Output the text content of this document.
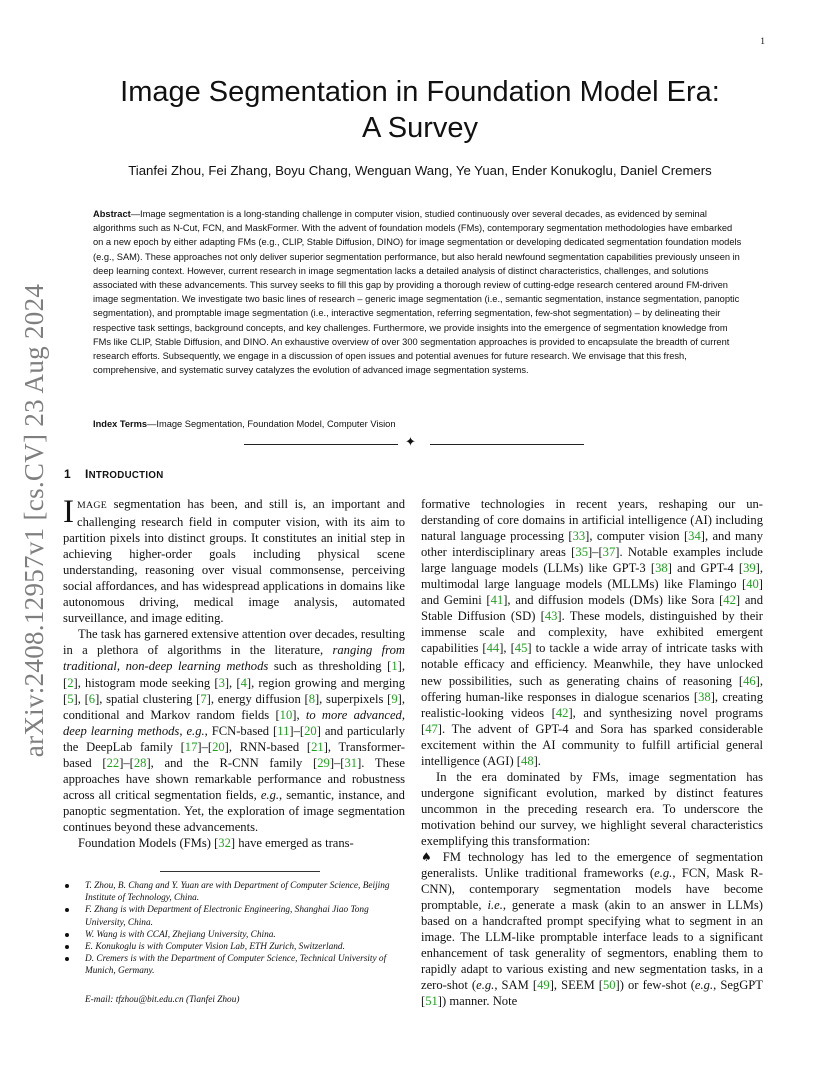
1
arXiv:2408.12957v1 [cs.CV] 23 Aug 2024
Image Segmentation in Foundation Model Era:
A Survey
Tianfei Zhou, Fei Zhang, Boyu Chang, Wenguan Wang, Ye Yuan, Ender Konukoglu, Daniel Cremers
Abstract—Image segmentation is a long-standing challenge in computer vision, studied continuously over several decades, as evidenced by seminal algorithms such as N-Cut, FCN, and MaskFormer. With the advent of foundation models (FMs), contemporary segmentation methodologies have embarked on a new epoch by either adapting FMs (e.g., CLIP, Stable Diffusion, DINO) for image segmentation or developing dedicated segmentation foundation models (e.g., SAM). These approaches not only deliver superior segmentation performance, but also herald newfound segmentation capabilities previously unseen in deep learning context. However, current research in image segmentation lacks a detailed analysis of distinct characteristics, challenges, and solutions associated with these advancements. This survey seeks to fill this gap by providing a thorough review of cutting-edge research centered around FM-driven image segmentation. We investigate two basic lines of research – generic image segmentation (i.e., semantic segmentation, instance segmentation, panoptic segmentation), and promptable image segmentation (i.e., interactive segmentation, referring segmentation, few-shot segmentation) – by delineating their respective task settings, background concepts, and key challenges. Furthermore, we provide insights into the emergence of segmentation knowledge from FMs like CLIP, Stable Diffusion, and DINO. An exhaustive overview of over 300 segmentation approaches is provided to encapsulate the breadth of current research efforts. Subsequently, we engage in a discussion of open issues and potential avenues for future research. We envisage that this fresh, comprehensive, and systematic survey catalyzes the evolution of advanced image segmentation systems.
Index Terms—Image Segmentation, Foundation Model, Computer Vision
✦
1 INTRODUCTION

IMAGE segmentation has been, and still is, an important and challenging research field in computer vision, with its aim to partition pixels into distinct groups. It constitutes an initial step in achieving higher-order goals including physical scene understanding, reasoning over visual commonsense, perceiving social affordances, and has widespread applications in domains like autonomous driving, medical image analysis, automated surveillance, and image editing.

The task has garnered extensive attention over decades, resulting in a plethora of algorithms in the literature, ranging from traditional, non-deep learning methods such as thresholding [1], [2], histogram mode seeking [3], [4], region growing and merging [5], [6], spatial clustering [7], energy diffusion [8], superpixels [9], conditional and Markov random fields [10], to more advanced, deep learning methods, e.g., FCN-based [11]–[20] and particularly the DeepLab family [17]–[20], RNN-based [21], Transformer-based [22]–[28], and the R-CNN family [29]–[31]. These approaches have shown remarkable performance and robustness across all critical segmentation fields, e.g., semantic, instance, and panoptic segmentation. Yet, the exploration of image segmentation continues beyond these advancements.

Foundation Models (FMs) [32] have emerged as trans-

formative technologies in recent years, reshaping our understanding of core domains in artificial intelligence (AI) including natural language processing [33], computer vision [34], and many other interdisciplinary areas [35]–[37]. Notable examples include large language models (LLMs) like GPT-3 [38] and GPT-4 [39], multimodal large language models (MLLMs) like Flamingo [40] and Gemini [41], and diffusion models (DMs) like Sora [42] and Stable Diffusion (SD) [43]. These models, distinguished by their immense scale and complexity, have exhibited emergent capabilities [44], [45] to tackle a wide array of intricate tasks with notable efficacy and efficiency. Meanwhile, they have unlocked new possibilities, such as generating chains of reasoning [46], offering human-like responses in dialogue scenarios [38], creating realistic-looking videos [42], and synthesizing novel programs [47]. The advent of GPT-4 and Sora has sparked considerable excitement within the AI community to fulfill artificial general intelligence (AGI) [48].

In the era dominated by FMs, image segmentation has undergone significant evolution, marked by distinct features uncommon in the preceding research era. To underscore the motivation behind our survey, we highlight several characteristics exemplifying this transformation:

♠ FM technology has led to the emergence of segmentation generalists. Unlike traditional frameworks (e.g., FCN, Mask R-CNN), contemporary segmentation models have become promptable, i.e., generate a mask (akin to an answer in LLMs) based on a handcrafted prompt specifying what to segment in an image. The LLM-like promptable interface leads to a significant enhancement of task generality of segmentors, enabling them to rapidly adapt to various existing and new segmentation tasks, in a zero-shot (e.g., SAM [49], SEEM [50]) or few-shot (e.g., SegGPT [51]) manner. Note

T. Zhou, B. Chang and Y. Yuan are with Department of Computer Science, Beijing Institute of Technology, China.
F. Zhang is with Department of Electronic Engineering, Shanghai Jiao Tong University, China.
W. Wang is with CCAI, Zhejiang University, China.
E. Konukoglu is with Computer Vision Lab, ETH Zurich, Switzerland.
D. Cremers is with the Department of Computer Science, Technical University of Munich, Germany.
E-mail: tfzhou@bit.edu.cn (Tianfei Zhou)
